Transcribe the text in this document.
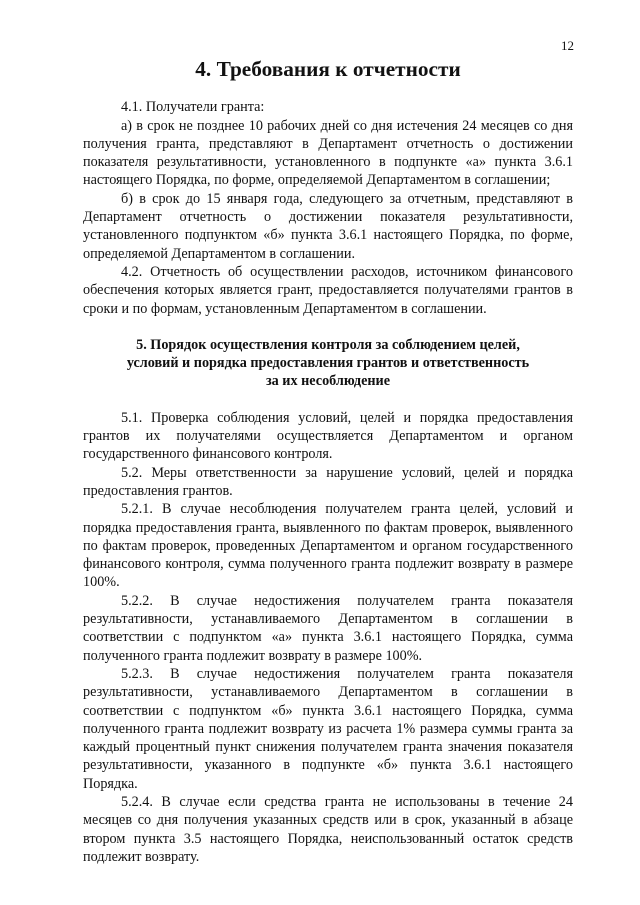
12
4. Требования к отчетности

4.1. Получатели гранта:

а) в срок не позднее 10 рабочих дней со дня истечения 24 месяцев со дня получения гранта, представляют в Департамент отчетность о достижении показателя результативности, установленного в подпункте «а» пункта 3.6.1 настоящего Порядка, по форме, определяемой Департаментом в соглашении;

б) в срок до 15 января года, следующего за отчетным, представляют в Департамент отчетность о достижении показателя результативности, установленного подпунктом «б» пункта 3.6.1 настоящего Порядка, по форме, определяемой Департаментом в соглашении.

4.2. Отчетность об осуществлении расходов, источником финансового обеспечения которых является грант, предоставляется получателями грантов в сроки и по формам, установленным Департаментом в соглашении.

5. Порядок осуществления контроля за соблюдением целей,
условий и порядка предоставления грантов и ответственность
за их несоблюдение

5.1. Проверка соблюдения условий, целей и порядка предоставления грантов их получателями осуществляется Департаментом и органом государственного финансового контроля.

5.2. Меры ответственности за нарушение условий, целей и порядка предоставления грантов.

5.2.1. В случае несоблюдения получателем гранта целей, условий и порядка предоставления гранта, выявленного по фактам проверок, выявленного по фактам проверок, проведенных Департаментом и органом государственного финансового контроля, сумма полученного гранта подлежит возврату в размере 100%.

5.2.2. В случае недостижения получателем гранта показателя результативности, устанавливаемого Департаментом в соглашении в соответствии с подпунктом «а» пункта 3.6.1 настоящего Порядка, сумма полученного гранта подлежит возврату в размере 100%.

5.2.3. В случае недостижения получателем гранта показателя результативности, устанавливаемого Департаментом в соглашении в соответствии с подпунктом «б» пункта 3.6.1 настоящего Порядка, сумма полученного гранта подлежит возврату из расчета 1% размера суммы гранта за каждый процентный пункт снижения получателем гранта значения показателя результативности, указанного в подпункте «б» пункта 3.6.1 настоящего Порядка.

5.2.4. В случае если средства гранта не использованы в течение 24 месяцев со дня получения указанных средств или в срок, указанный в абзаце втором пункта 3.5 настоящего Порядка, неиспользованный остаток средств подлежит возврату.
